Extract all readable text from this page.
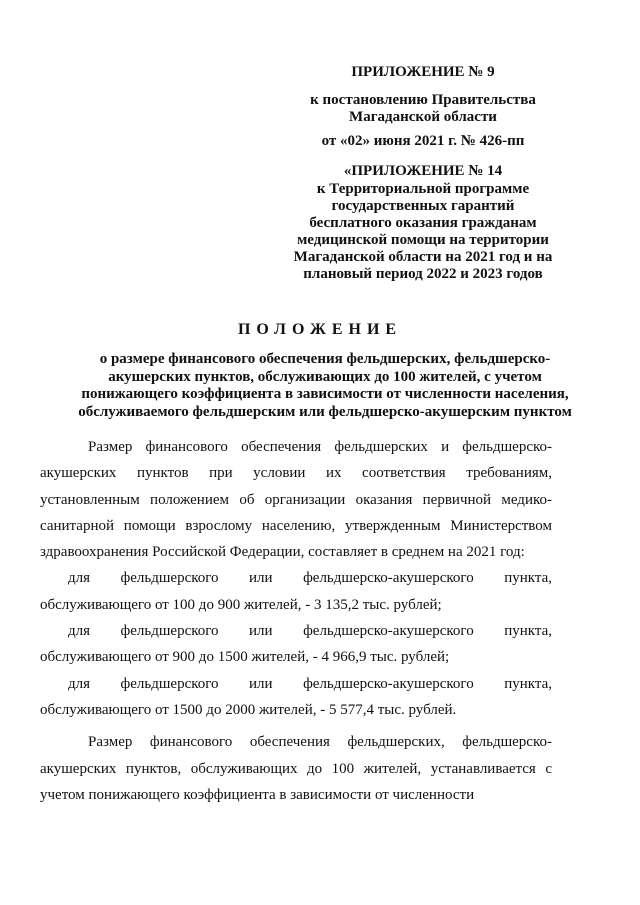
ПРИЛОЖЕНИЕ № 9
к постановлению Правительства
Магаданской области
от «02» июня 2021 г. № 426-пп
«ПРИЛОЖЕНИЕ № 14
к Территориальной программе
государственных гарантий
бесплатного оказания гражданам
медицинской помощи на территории
Магаданской области на 2021 год и на
плановый период 2022 и 2023 годов
ПОЛОЖЕНИЕ
о размере финансового обеспечения фельдшерских, фельдшерско-
акушерских пунктов, обслуживающих до 100 жителей, с учетом
понижающего коэффициента в зависимости от численности населения,
обслуживаемого фельдшерским или фельдшерско-акушерским пунктом

Размер финансового обеспечения фельдшерских и фельдшерско-акушерских пунктов при условии их соответствия требованиям, установленным положением об организации оказания первичной медико-санитарной помощи взрослому населению, утвержденным Министерством здравоохранения Российской Федерации, составляет в среднем на 2021 год:

для фельдшерского или фельдшерско-акушерского пункта,
обслуживающего от 100 до 900 жителей, - 3 135,2 тыс. рублей;

для фельдшерского или фельдшерско-акушерского пункта,
обслуживающего от 900 до 1500 жителей, - 4 966,9 тыс. рублей;

для фельдшерского или фельдшерско-акушерского пункта,
обслуживающего от 1500 до 2000 жителей, - 5 577,4 тыс. рублей.

Размер финансового обеспечения фельдшерских, фельдшерско-акушерских пунктов, обслуживающих до 100 жителей, устанавливается с учетом понижающего коэффициента в зависимости от численности
